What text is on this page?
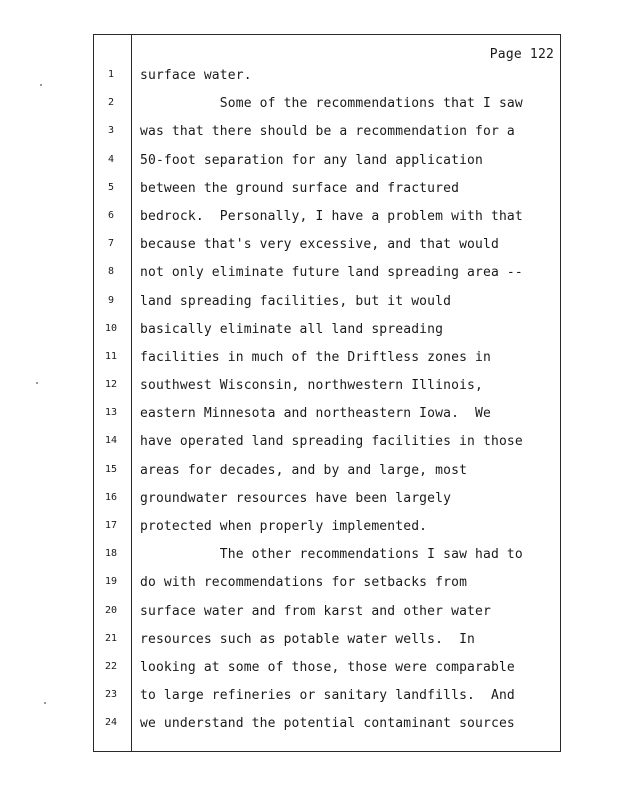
Page 122
1	surface water.
2	Some of the recommendations that I saw
3	was that there should be a recommendation for a
4	50-foot separation for any land application
5	between the ground surface and fractured
6	bedrock.  Personally, I have a problem with that
7	because that's very excessive, and that would
8	not only eliminate future land spreading area --
9	land spreading facilities, but it would
10	basically eliminate all land spreading
11	facilities in much of the Driftless zones in
12	southwest Wisconsin, northwestern Illinois,
13	eastern Minnesota and northeastern Iowa.  We
14	have operated land spreading facilities in those
15	areas for decades, and by and large, most
16	groundwater resources have been largely
17	protected when properly implemented.
18	The other recommendations I saw had to
19	do with recommendations for setbacks from
20	surface water and from karst and other water
21	resources such as potable water wells.  In
22	looking at some of those, those were comparable
23	to large refineries or sanitary landfills.  And
24	we understand the potential contaminant sources
